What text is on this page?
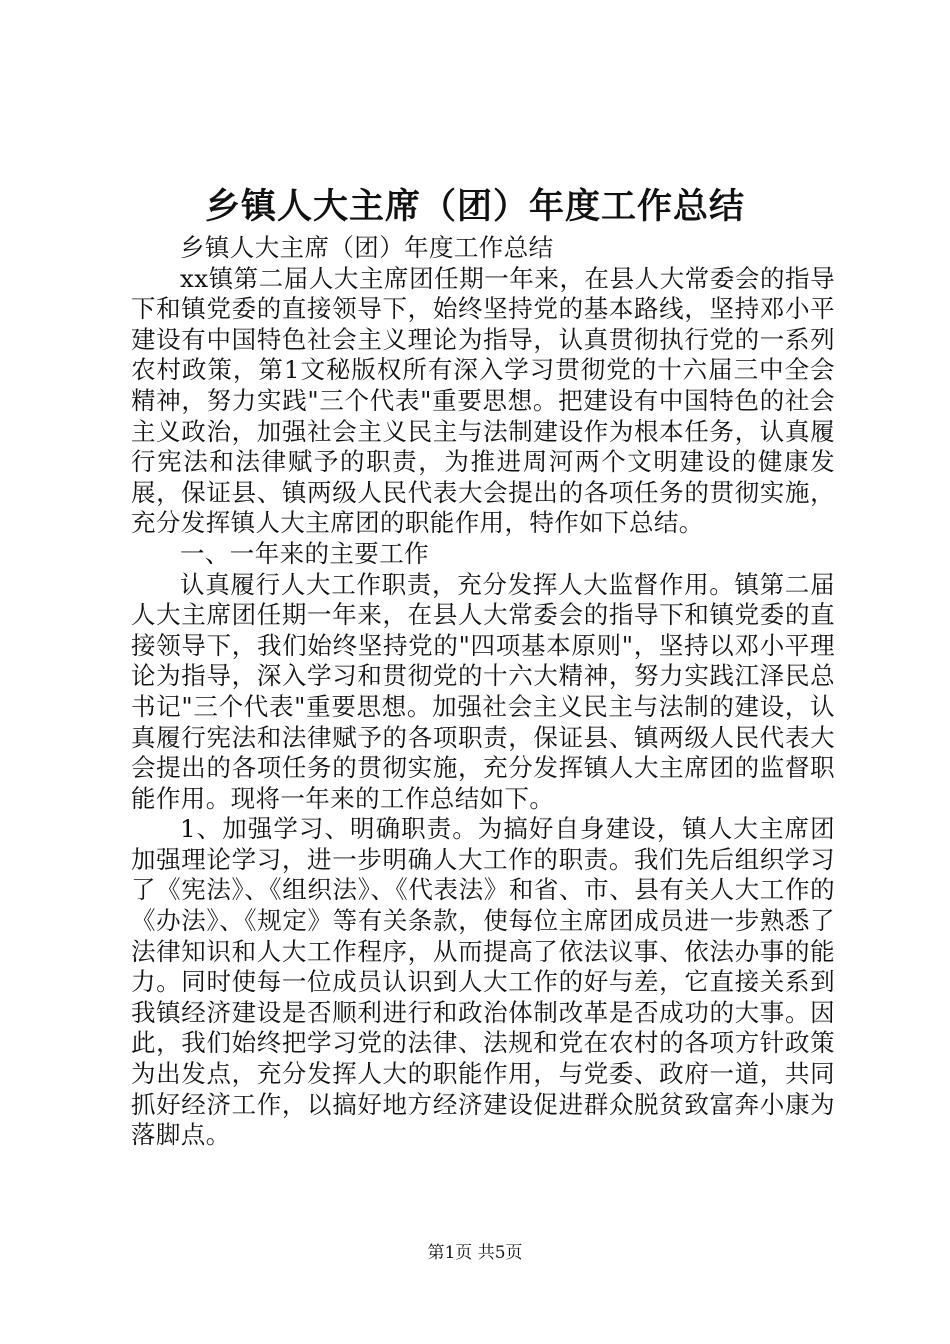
乡镇人大主席（团）年度工作总结

乡镇人大主席（团）年度工作总结

xx镇第二届人大主席团任期一年来，在县人大常委会的指导下和镇党委的直接领导下，始终坚持党的基本路线，坚持邓小平建设有中国特色社会主义理论为指导，认真贯彻执行党的一系列农村政策，第1文秘版权所有深入学习贯彻党的十六届三中全会精神，努力实践"三个代表"重要思想。把建设有中国特色的社会主义政治，加强社会主义民主与法制建设作为根本任务，认真履行宪法和法律赋予的职责，为推进周河两个文明建设的健康发展，保证县、镇两级人民代表大会提出的各项任务的贯彻实施，充分发挥镇人大主席团的职能作用，特作如下总结。

一、一年来的主要工作

认真履行人大工作职责，充分发挥人大监督作用。镇第二届人大主席团任期一年来，在县人大常委会的指导下和镇党委的直接领导下，我们始终坚持党的"四项基本原则"，坚持以邓小平理论为指导，深入学习和贯彻党的十六大精神，努力实践江泽民总书记"三个代表"重要思想。加强社会主义民主与法制的建设，认真履行宪法和法律赋予的各项职责，保证县、镇两级人民代表大会提出的各项任务的贯彻实施，充分发挥镇人大主席团的监督职能作用。现将一年来的工作总结如下。

1、加强学习、明确职责。为搞好自身建设，镇人大主席团加强理论学习，进一步明确人大工作的职责。我们先后组织学习了《宪法》、《组织法》、《代表法》和省、市、县有关人大工作的《办法》、《规定》等有关条款，使每位主席团成员进一步熟悉了法律知识和人大工作程序，从而提高了依法议事、依法办事的能力。同时使每一位成员认识到人大工作的好与差，它直接关系到我镇经济建设是否顺利进行和政治体制改革是否成功的大事。因此，我们始终把学习党的法律、法规和党在农村的各项方针政策为出发点，充分发挥人大的职能作用，与党委、政府一道，共同抓好经济工作，以搞好地方经济建设促进群众脱贫致富奔小康为落脚点。

第1页 共5页
